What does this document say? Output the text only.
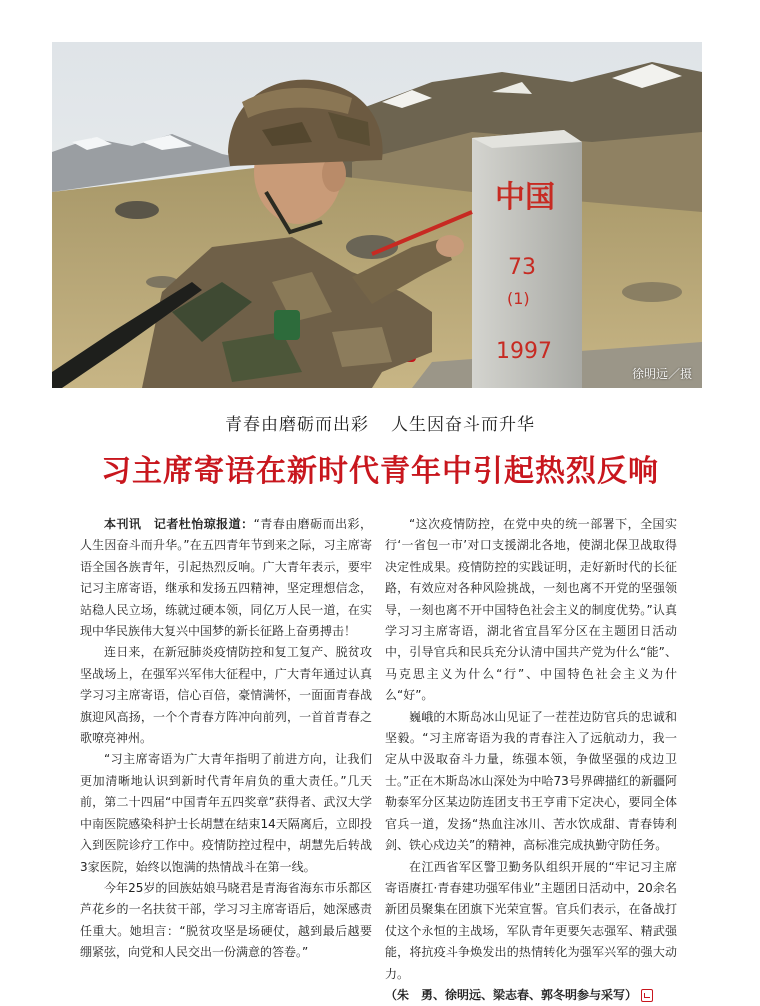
中国
73
(1)
1997
徐明远／摄
青春由磨砺而出彩 人生因奋斗而升华
习主席寄语在新时代青年中引起热烈反响

本刊讯　记者杜怡琼报道：“青春由磨砺而出彩，人生因奋斗而升华。”在五四青年节到来之际，习主席寄语全国各族青年，引起热烈反响。广大青年表示，要牢记习主席寄语，继承和发扬五四精神，坚定理想信念，站稳人民立场，练就过硬本领，同亿万人民一道，在实现中华民族伟大复兴中国梦的新长征路上奋勇搏击！

连日来，在新冠肺炎疫情防控和复工复产、脱贫攻坚战场上，在强军兴军伟大征程中，广大青年通过认真学习习主席寄语，信心百倍，豪情满怀，一面面青春战旗迎风高扬，一个个青春方阵冲向前列，一首首青春之歌嘹亮神州。

“习主席寄语为广大青年指明了前进方向，让我们更加清晰地认识到新时代青年肩负的重大责任。”几天前，第二十四届“中国青年五四奖章”获得者、武汉大学中南医院感染科护士长胡慧在结束14天隔离后，立即投入到医院诊疗工作中。疫情防控过程中，胡慧先后转战3家医院，始终以饱满的热情战斗在第一线。

今年25岁的回族姑娘马晓君是青海省海东市乐都区芦花乡的一名扶贫干部，学习习主席寄语后，她深感责任重大。她坦言：“脱贫攻坚是场硬仗，越到最后越要绷紧弦，向党和人民交出一份满意的答卷。”

“这次疫情防控，在党中央的统一部署下，全国实行‘一省包一市’对口支援湖北各地，使湖北保卫战取得决定性成果。疫情防控的实践证明，走好新时代的长征路，有效应对各种风险挑战，一刻也离不开党的坚强领导，一刻也离不开中国特色社会主义的制度优势。”认真学习习主席寄语，湖北省宜昌军分区在主题团日活动中，引导官兵和民兵充分认清中国共产党为什么“能”、马克思主义为什么“行”、中国特色社会主义为什么“好”。

巍峨的木斯岛冰山见证了一茬茬边防官兵的忠诚和坚毅。“习主席寄语为我的青春注入了远航动力，我一定从中汲取奋斗力量，练强本领，争做坚强的戍边卫士。”正在木斯岛冰山深处为中哈73号界碑描红的新疆阿勒泰军分区某边防连团支书王亨甫下定决心，要同全体官兵一道，发扬“热血注冰川、苦水饮成甜、青春铸利剑、铁心戍边关”的精神，高标准完成执勤守防任务。

在江西省军区警卫勤务队组织开展的“牢记习主席寄语赓扛·青春建功强军伟业”主题团日活动中，20余名新团员聚集在团旗下光荣宣誓。官兵们表示，在备战打仗这个永恒的主战场，军队青年更要矢志强军、精武强能，将抗疫斗争焕发出的热情转化为强军兴军的强大动力。

（朱　勇、徐明远、梁志春、郭冬明参与采写）
